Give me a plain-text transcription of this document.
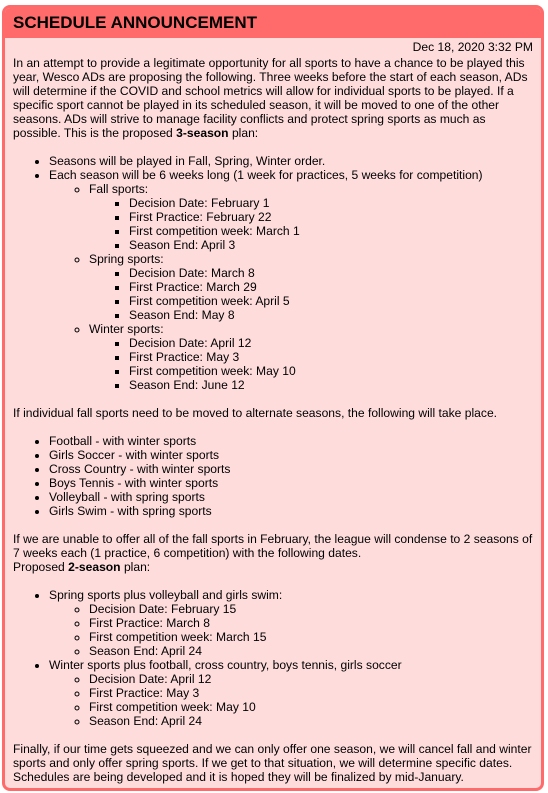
SCHEDULE ANNOUNCEMENT
Dec 18, 2020 3:32 PM

In an attempt to provide a legitimate opportunity for all sports to have a chance to be played this year, Wesco ADs are proposing the following. Three weeks before the start of each season, ADs will determine if the COVID and school metrics will allow for individual sports to be played. If a specific sport cannot be played in its scheduled season, it will be moved to one of the other seasons. ADs will strive to manage facility conflicts and protect spring sports as much as possible. This is the proposed 3-season plan:

• Seasons will be played in Fall, Spring, Winter order.
• Each season will be 6 weeks long (1 week for practices, 5 weeks for competition)
◦ Fall sports:
▪ Decision Date: February 1
▪ First Practice: February 22
▪ First competition week: March 1
▪ Season End: April 3
◦ Spring sports:
▪ Decision Date: March 8
▪ First Practice: March 29
▪ First competition week: April 5
▪ Season End: May 8
◦ Winter sports:
▪ Decision Date: April 12
▪ First Practice: May 3
▪ First competition week: May 10
▪ Season End: June 12

If individual fall sports need to be moved to alternate seasons, the following will take place.

• Football - with winter sports
• Girls Soccer - with winter sports
• Cross Country - with winter sports
• Boys Tennis - with winter sports
• Volleyball - with spring sports
• Girls Swim - with spring sports

If we are unable to offer all of the fall sports in February, the league will condense to 2 seasons of 7 weeks each (1 practice, 6 competition) with the following dates.
Proposed 2-season plan:

• Spring sports plus volleyball and girls swim:
◦ Decision Date: February 15
◦ First Practice: March 8
◦ First competition week: March 15
◦ Season End: April 24
• Winter sports plus football, cross country, boys tennis, girls soccer
◦ Decision Date: April 12
◦ First Practice: May 3
◦ First competition week: May 10
◦ Season End: April 24

Finally, if our time gets squeezed and we can only offer one season, we will cancel fall and winter sports and only offer spring sports. If we get to that situation, we will determine specific dates. Schedules are being developed and it is hoped they will be finalized by mid-January.
